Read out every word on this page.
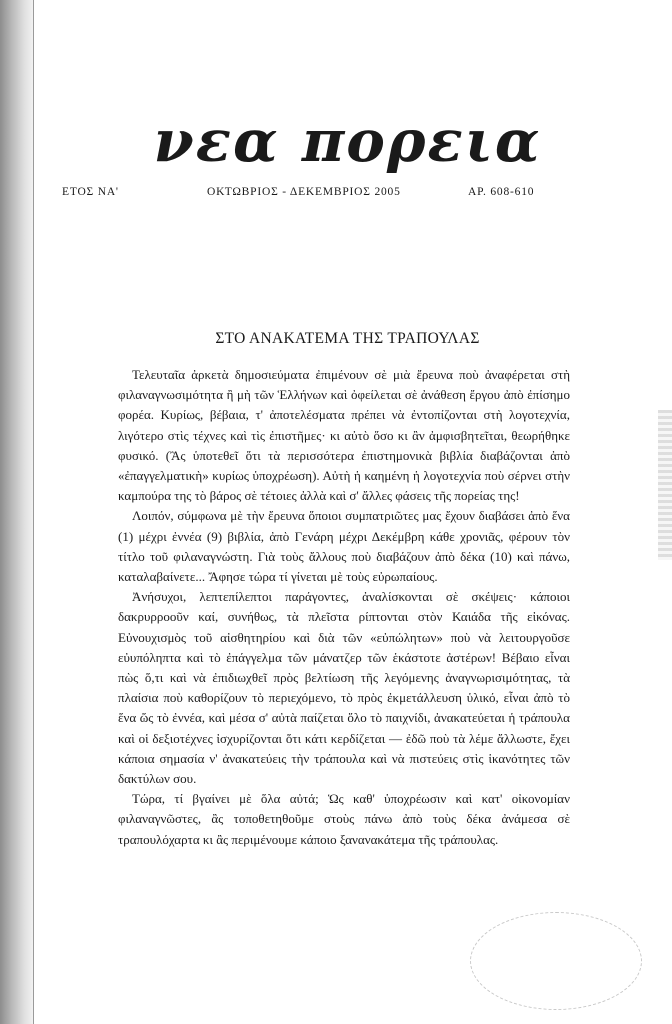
νεα πορεια
ΕΤΟΣ ΝΑ'	ΟΚΤΩΒΡΙΟΣ - ΔΕΚΕΜΒΡΙΟΣ 2005	ΑΡ. 608-610
ΣΤΟ ΑΝΑΚΑΤΕΜΑ ΤΗΣ ΤΡΑΠΟΥΛΑΣ

Τελευταῖα ἀρκετὰ δημοσιεύματα ἐπιμένουν σὲ μιὰ ἔρευνα ποὺ ἀναφέρεται στὴ φιλαναγνωσιμότητα ἢ μὴ τῶν Ἑλλήνων καὶ ὀφείλεται σὲ ἀνάθεση ἔργου ἀπὸ ἐπίσημο φορέα. Κυρίως, βέβαια, τ' ἀποτελέσματα πρέπει νὰ ἐντοπίζονται στὴ λογοτεχνία, λιγότερο στὶς τέχνες καὶ τὶς ἐπιστῆμες· κι αὐτὸ ὅσο κι ἂν ἀμφισβητεῖται, θεωρήθηκε φυσικό. (Ἂς ὑποτεθεῖ ὅτι τὰ περισσότερα ἐπιστημονικὰ βιβλία διαβάζονται ἀπὸ «ἐπαγγελματικὴ» κυρίως ὑποχρέωση). Αὐτὴ ἡ καημένη ἡ λογοτεχνία ποὺ σέρνει στὴν καμπούρα της τὸ βάρος σὲ τέτοιες ἀλλὰ καὶ σ' ἄλλες φάσεις τῆς πορείας της!

Λοιπόν, σύμφωνα μὲ τὴν ἔρευνα ὅποιοι συμπατριῶτες μας ἔχουν διαβάσει ἀπὸ ἕνα (1) μέχρι ἐννέα (9) βιβλία, ἀπὸ Γενάρη μέχρι Δεκέμβρη κάθε χρονιᾶς, φέρουν τὸν τίτλο τοῦ φιλαναγνώστη. Γιὰ τοὺς ἄλλους ποὺ διαβάζουν ἀπὸ δέκα (10) καὶ πάνω, καταλαβαίνετε... Ἄφησε τώρα τί γίνεται μὲ τοὺς εὐρωπαίους.

Ἀνήσυχοι, λεπτεπίλεπτοι παράγοντες, ἀναλίσκονται σὲ σκέψεις· κάποιοι δακρυρροοῦν καί, συνήθως, τὰ πλεῖστα ρίπτονται στὸν Καιάδα τῆς εἰκόνας. Εὐνουχισμὸς τοῦ αἰσθητηρίου καὶ διὰ τῶν «εὐπώλητων» ποὺ νὰ λειτουργοῦσε εὐυπόληπτα καὶ τὸ ἐπάγγελμα τῶν μάνατζερ τῶν ἑκάστοτε ἀστέρων! Βέβαιο εἶναι πὼς ὅ,τι καὶ νὰ ἐπιδιωχθεῖ πρὸς βελτίωση τῆς λεγόμενης ἀναγνωρισιμότητας, τὰ πλαίσια ποὺ καθορίζουν τὸ περιεχόμενο, τὸ πρὸς ἐκμετάλλευση ὑλικό, εἶναι ἀπὸ τὸ ἕνα ὥς τὸ ἐννέα, καὶ μέσα σ' αὐτὰ παίζεται ὅλο τὸ παιχνίδι, ἀνακατεύεται ἡ τράπουλα καὶ οἱ δεξιοτέχνες ἰσχυρίζονται ὅτι κάτι κερδίζεται — ἐδῶ ποὺ τὰ λέμε ἄλλωστε, ἔχει κάποια σημασία ν' ἀνακατεύεις τὴν τράπουλα καὶ νὰ πιστεύεις στὶς ἱκανότητες τῶν δακτύλων σου.

Τώρα, τί βγαίνει μὲ ὅλα αὐτά; Ὡς καθ' ὑποχρέωσιν καὶ κατ' οἰκονομίαν φιλαναγνῶστες, ἂς τοποθετηθοῦμε στοὺς πάνω ἀπὸ τοὺς δέκα ἀνάμεσα σὲ τραπουλόχαρτα κι ἂς περιμένουμε κάποιο ξανανακάτεμα τῆς τράπουλας.
